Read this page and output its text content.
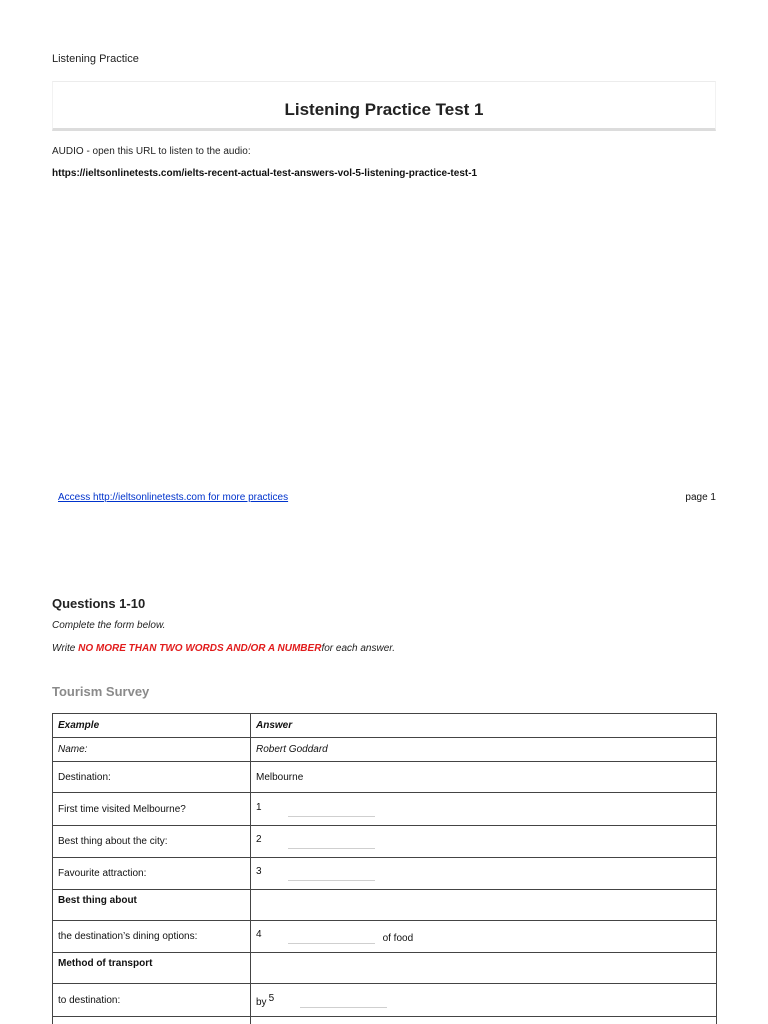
Listening Practice
Listening Practice Test 1
AUDIO - open this URL to listen to the audio:
https://ieltsonlinetests.com/ielts-recent-actual-test-answers-vol-5-listening-practice-test-1
Access http://ieltsonlinetests.com for more practices	page 1
Questions 1-10
Complete the form below.
Write NO MORE THAN TWO WORDS AND/OR A NUMBERfor each answer.
Tourism Survey
Example	Answer
Name:	Robert Goddard
Destination:	Melbourne
First time visited Melbourne?	1
Best thing about the city:	2
Favourite attraction:	3
Best thing about	
the destination’s dining options:	4 of food
Method of transport	
to destination:	by 5
